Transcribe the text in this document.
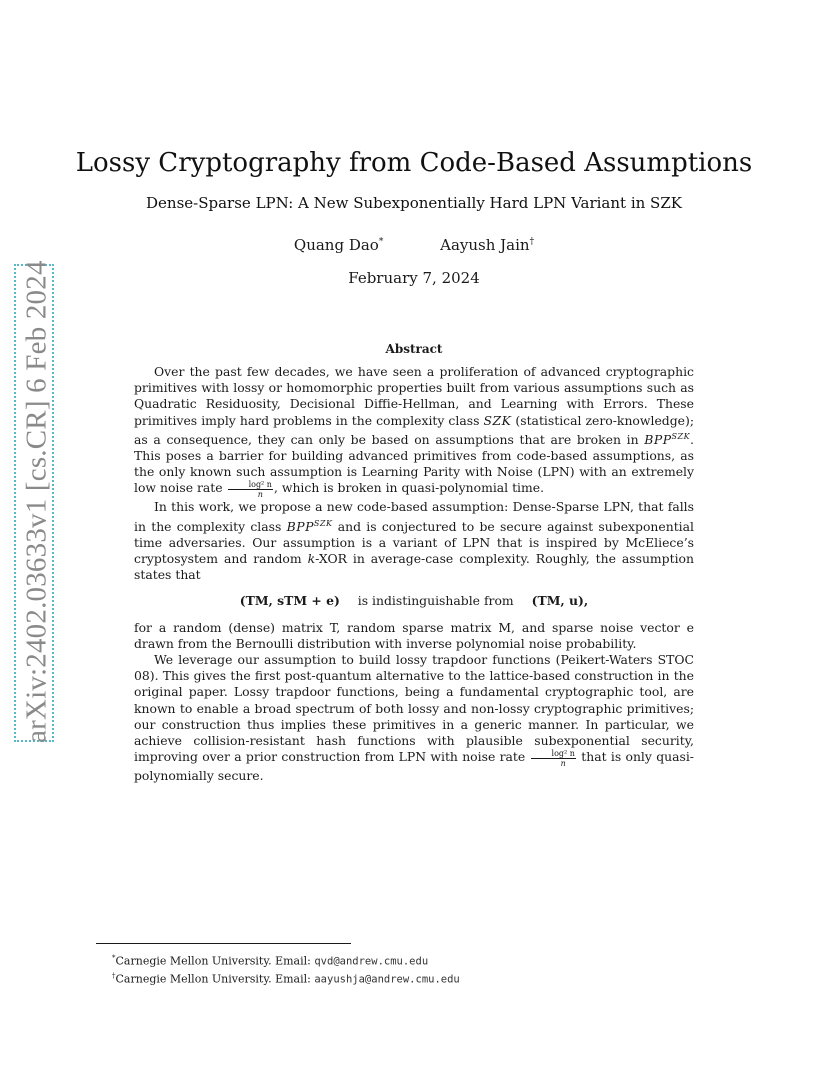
arXiv:2402.03633v1 [cs.CR] 6 Feb 2024
Lossy Cryptography from Code-Based Assumptions
Dense-Sparse LPN: A New Subexponentially Hard LPN Variant in SZK
Quang Dao*	Aayush Jain†
February 7, 2024
Abstract

Over the past few decades, we have seen a proliferation of advanced cryptographic primitives with lossy or homomorphic properties built from various assumptions such as Quadratic Residuosity, Decisional Diffie-Hellman, and Learning with Errors. These primitives imply hard problems in the complexity class SZK (statistical zero-knowledge); as a consequence, they can only be based on assumptions that are broken in $BPP^{SZK}$. This poses a barrier for building advanced primitives from code-based assumptions, as the only known such assumption is Learning Parity with Noise (LPN) with an extremely low noise rate $\frac{\text{log² n}}{n}$ , which is broken in quasi-polynomial time.

In this work, we propose a new code-based assumption: Dense-Sparse LPN, that falls in the complexity class $BPP^{SZK}$ and is conjectured to be secure against subexponential time adversaries. Our assumption is a variant of LPN that is inspired by McEliece’s cryptosystem and random k-XOR in average-case complexity. Roughly, the assumption states that

(TM, sTM + e) is indistinguishable from (TM, u),

for a random (dense) matrix T, random sparse matrix M, and sparse noise vector e drawn from the Bernoulli distribution with inverse polynomial noise probability.

We leverage our assumption to build lossy trapdoor functions (Peikert-Waters STOC 08). This gives the first post-quantum alternative to the lattice-based construction in the original paper. Lossy trapdoor functions, being a fundamental cryptographic tool, are known to enable a broad spectrum of both lossy and non-lossy cryptographic primitives; our construction thus implies these primitives in a generic manner. In particular, we achieve collision-resistant hash functions with plausible subexponential security, improving over a prior construction from LPN with noise rate $\frac{\text{log² n}}{n}$ that is only quasi-polynomially secure.

*Carnegie Mellon University. Email: qvd@andrew.cmu.edu
†Carnegie Mellon University. Email: aayushja@andrew.cmu.edu
